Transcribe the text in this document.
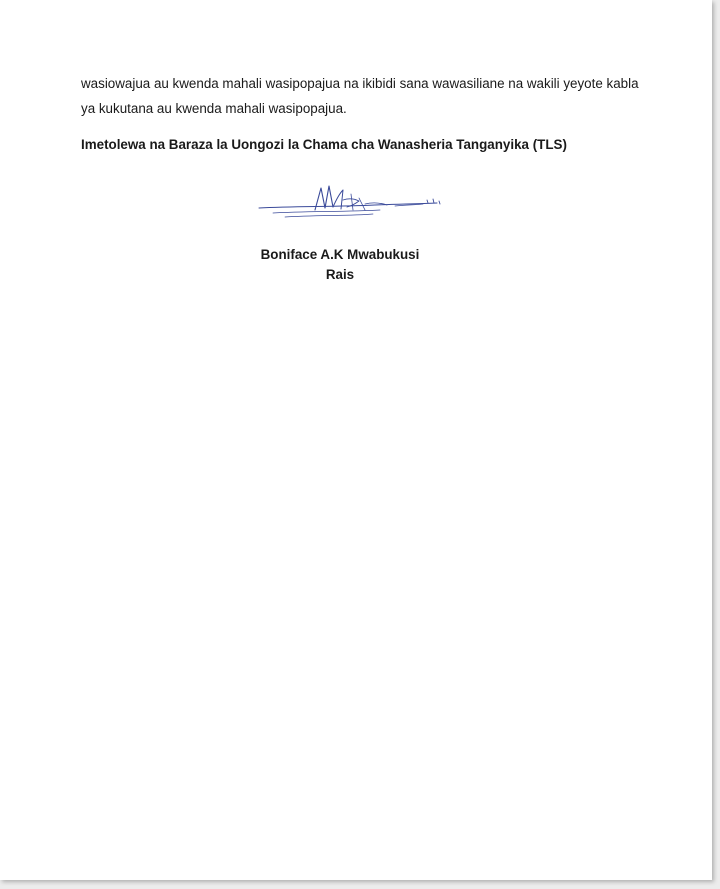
wasiowajua au kwenda mahali wasipopajua na ikibidi sana wawasiliane na wakili yeyote kabla

ya kukutana au kwenda mahali wasipopajua.

Imetolewa na Baraza la Uongozi la Chama cha Wanasheria Tanganyika (TLS)
Boniface A.K Mwabukusi
Rais
